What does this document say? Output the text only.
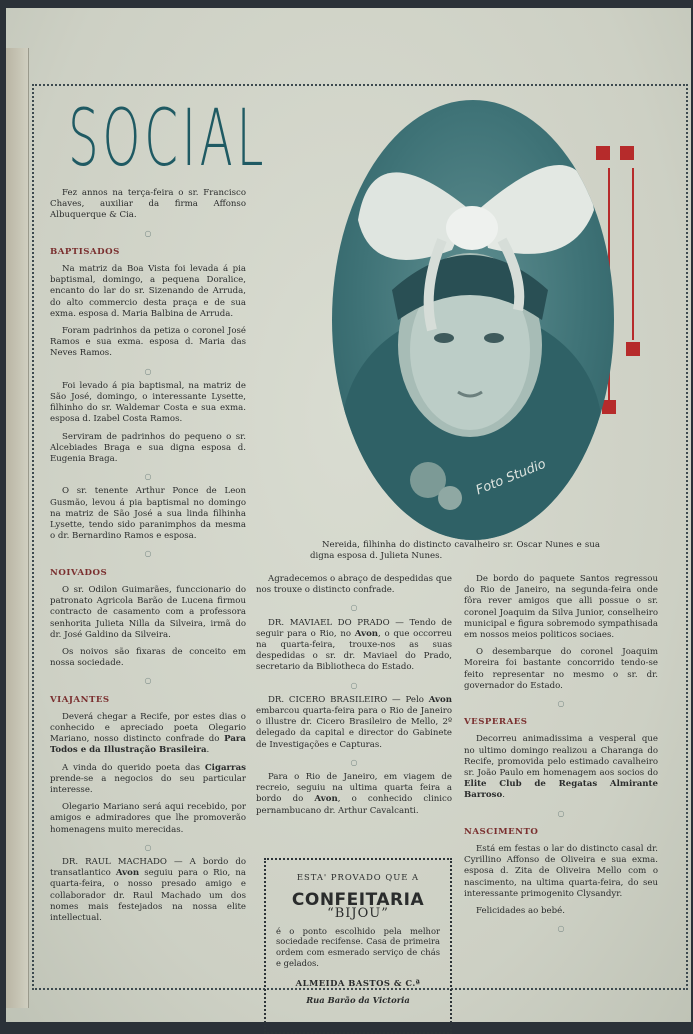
SOCIAL

Fez annos na terça-feira o sr. Francisco Chaves, auxiliar da firma Affonso Albuquerque & Cia.

○
BAPTISADOS

Na matriz da Boa Vista foi levada á pia baptismal, domingo, a pequena Doralice, encanto do lar do sr. Sizenando de Arruda, do alto commercio desta praça e de sua exma. esposa d. Maria Balbina de Arruda.

Foram padrinhos da petiza o coronel José Ramos e sua exma. esposa d. Maria das Neves Ramos.

○

Foi levado á pia baptismal, na matriz de São José, domingo, o interessante Lysette, filhinho do sr. Waldemar Costa e sua exma. esposa d. Izabel Costa Ramos.

Serviram de padrinhos do pequeno o sr. Alcebiades Braga e sua digna esposa d. Eugenia Braga.

○

O sr. tenente Arthur Ponce de Leon Gusmão, levou á pia baptismal no domingo na matriz de São José a sua linda filhinha Lysette, tendo sido paranimphos da mesma o dr. Bernardino Ramos e esposa.

○
NOIVADOS

O sr. Odilon Guimarães, funccionario do patronato Agricola Barão de Lucena firmou contracto de casamento com a professora senhorita Julieta Nilla da Silveira, irmã do dr. José Galdino da Silveira.

Os noivos são fixaras de conceito em nossa sociedade.

○
VIAJANTES

Deverá chegar a Recife, por estes dias o conhecido e apreciado poeta Olegario Mariano, nosso distincto confrade do Para Todos e da Illustração Brasileira.

A vinda do querido poeta das Cigarras prende-se a negocios do seu particular interesse.

Olegario Mariano será aqui recebido, por amigos e admiradores que lhe promoverão homenagens muito merecidas.

○

DR. RAUL MACHADO — A bordo do transatlantico Avon seguiu para o Rio, na quarta-feira, o nosso presado amigo e collaborador dr. Raul Machado um dos nomes mais festejados na nossa elite intellectual.

Foto Studio
Nereida, filhinha do distincto cavalheiro sr. Oscar Nunes e sua digna esposa d. Julieta Nunes.

Agradecemos o abraço de despedidas que nos trouxe o distincto confrade.

○

DR. MAVIAEL DO PRADO — Tendo de seguir para o Rio, no Avon, o que occorreu na quarta-feira, trouxe-nos as suas despedidas o sr. dr. Maviael do Prado, secretario da Bibliotheca do Estado.

○

DR. CICERO BRASILEIRO — Pelo Avon embarcou quarta-feira para o Rio de Janeiro o illustre dr. Cicero Brasileiro de Mello, 2º delegado da capital e director do Gabinete de Investigações e Capturas.

○

Para o Rio de Janeiro, em viagem de recreio, seguiu na ultima quarta feira a bordo do Avon, o conhecido clinico pernambucano dr. Arthur Cavalcanti.

De bordo do paquete Santos regressou do Rio de Janeiro, na segunda-feira onde fôra rever amigos que alli possue o sr. coronel Joaquim da Silva Junior, conselheiro municipal e figura sobremodo sympathisada em nossos meios politicos sociaes.

O desembarque do coronel Joaquim Moreira foi bastante concorrido tendo-se feito representar no mesmo o sr. dr. governador do Estado.

○
VESPERAES

Decorreu animadissima a vesperal que no ultimo domingo realizou a Charanga do Recife, promovida pelo estimado cavalheiro sr. João Paulo em homenagem aos socios do Elite Club de Regatas Almirante Barroso.

○
NASCIMENTO

Está em festas o lar do distincto casal dr. Cyrillino Affonso de Oliveira e sua exma. esposa d. Zita de Oliveira Mello com o nascimento, na ultima quarta-feira, do seu interessante primogenito Clysandyr.

Felicidades ao bebé.

○
ESTA' PROVADO QUE A
CONFEITARIA
“BIJOU”
é o ponto escolhido pela melhor sociedade recifense. Casa de primeira ordem com esmerado serviço de chás e gelados.
ALMEIDA BASTOS & C.ª
Rua Barão da Victoria
